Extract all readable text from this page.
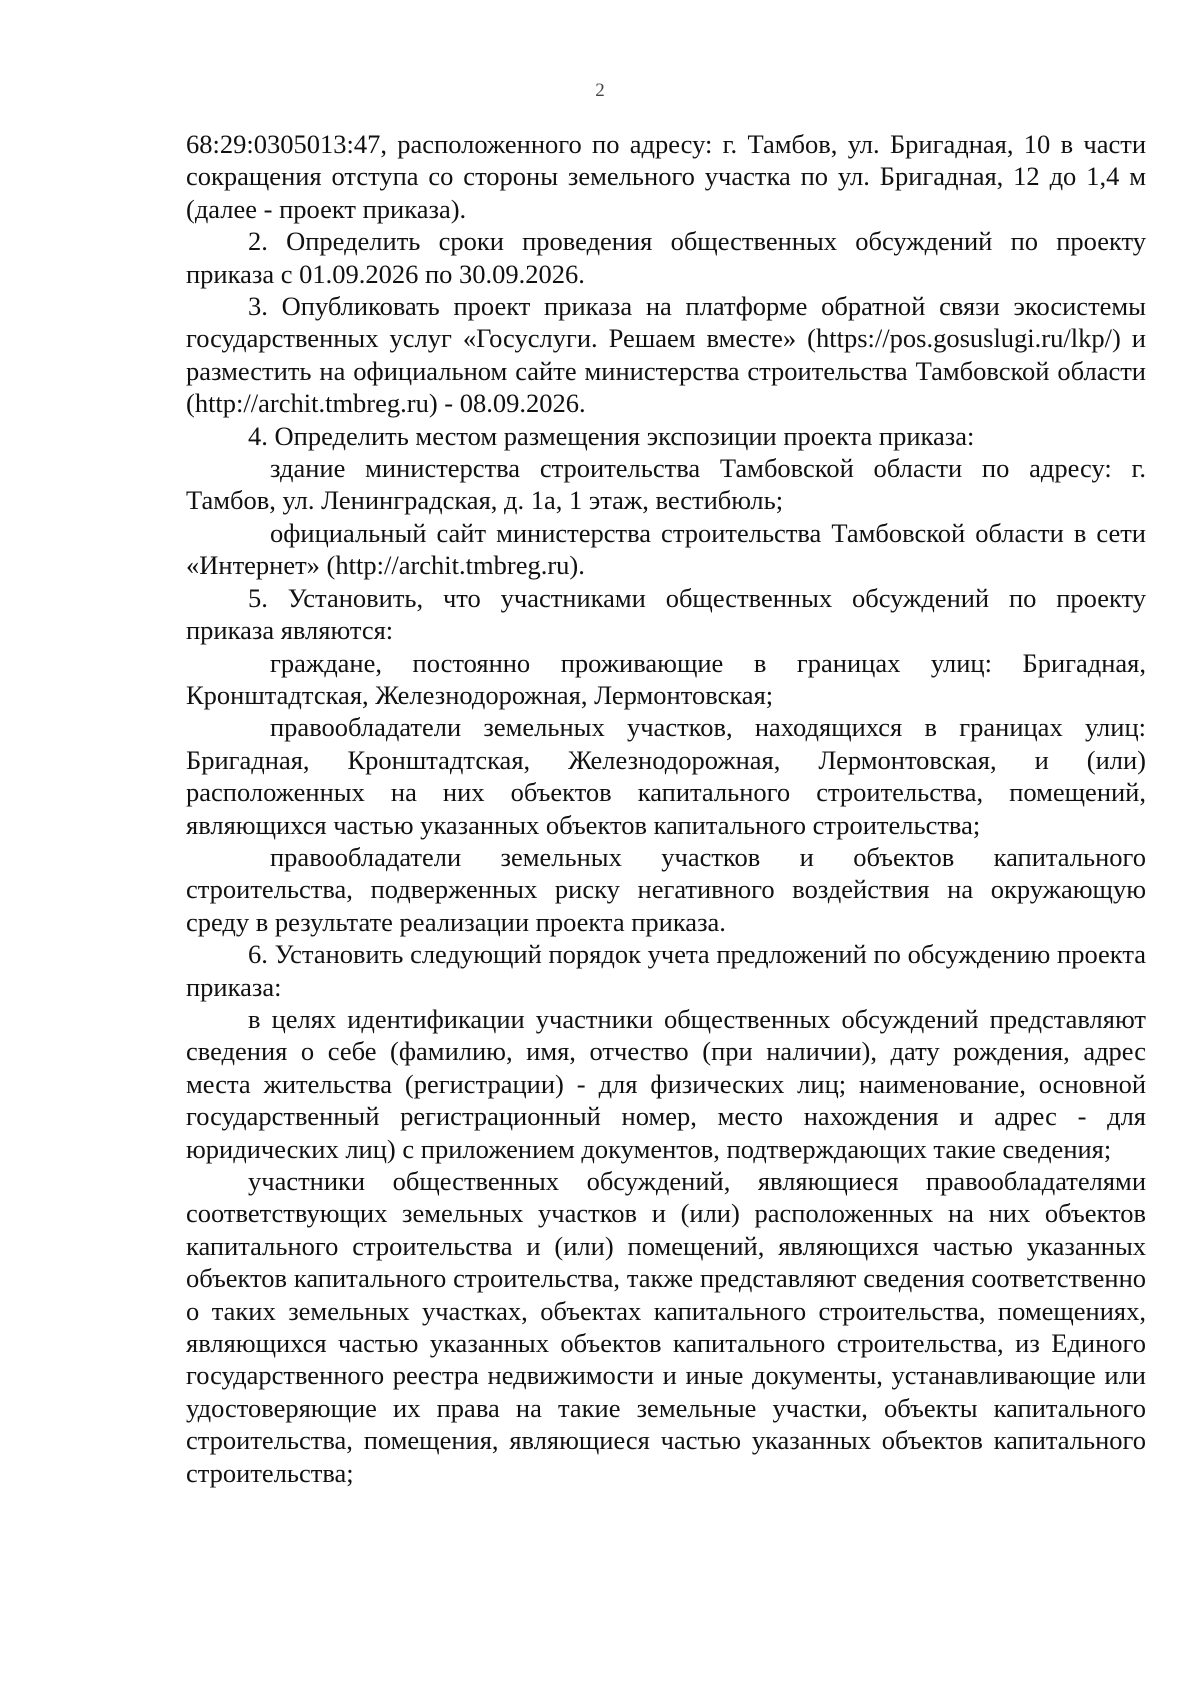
2

68:29:0305013:47, расположенного по адресу: г. Тамбов, ул. Бригадная, 10 в части сокращения отступа со стороны земельного участка по ул. Бригадная, 12 до 1,4 м (далее - проект приказа).

2. Определить сроки проведения общественных обсуждений по проекту приказа с 01.09.2026 по 30.09.2026.

3. Опубликовать проект приказа на платформе обратной связи экосистемы государственных услуг «Госуслуги. Решаем вместе» (https://pos.gosuslugi.ru/lkp/) и разместить на официальном сайте министерства строительства Тамбовской области (http://archit.tmbreg.ru) - 08.09.2026.

4. Определить местом размещения экспозиции проекта приказа:

здание министерства строительства Тамбовской области по адресу: г. Тамбов, ул. Ленинградская, д. 1а, 1 этаж, вестибюль;

официальный сайт министерства строительства Тамбовской области в сети «Интернет» (http://archit.tmbreg.ru).

5. Установить, что участниками общественных обсуждений по проекту приказа являются:

граждане, постоянно проживающие в границах улиц: Бригадная, Кронштадтская, Железнодорожная, Лермонтовская;

правообладатели земельных участков, находящихся в границах улиц: Бригадная, Кронштадтская, Железнодорожная, Лермонтовская, и (или) расположенных на них объектов капитального строительства, помещений, являющихся частью указанных объектов капитального строительства;

правообладатели земельных участков и объектов капитального строительства, подверженных риску негативного воздействия на окружающую среду в результате реализации проекта приказа.

6. Установить следующий порядок учета предложений по обсуждению проекта приказа:

в целях идентификации участники общественных обсуждений представляют сведения о себе (фамилию, имя, отчество (при наличии), дату рождения, адрес места жительства (регистрации) - для физических лиц; наименование, основной государственный регистрационный номер, место нахождения и адрес - для юридических лиц) с приложением документов, подтверждающих такие сведения;

участники общественных обсуждений, являющиеся правообладателями соответствующих земельных участков и (или) расположенных на них объектов капитального строительства и (или) помещений, являющихся частью указанных объектов капитального строительства, также представляют сведения соответственно о таких земельных участках, объектах капитального строительства, помещениях, являющихся частью указанных объектов капитального строительства, из Единого государственного реестра недвижимости и иные документы, устанавливающие или удостоверяющие их права на такие земельные участки, объекты капитального строительства, помещения, являющиеся частью указанных объектов капитального строительства;
